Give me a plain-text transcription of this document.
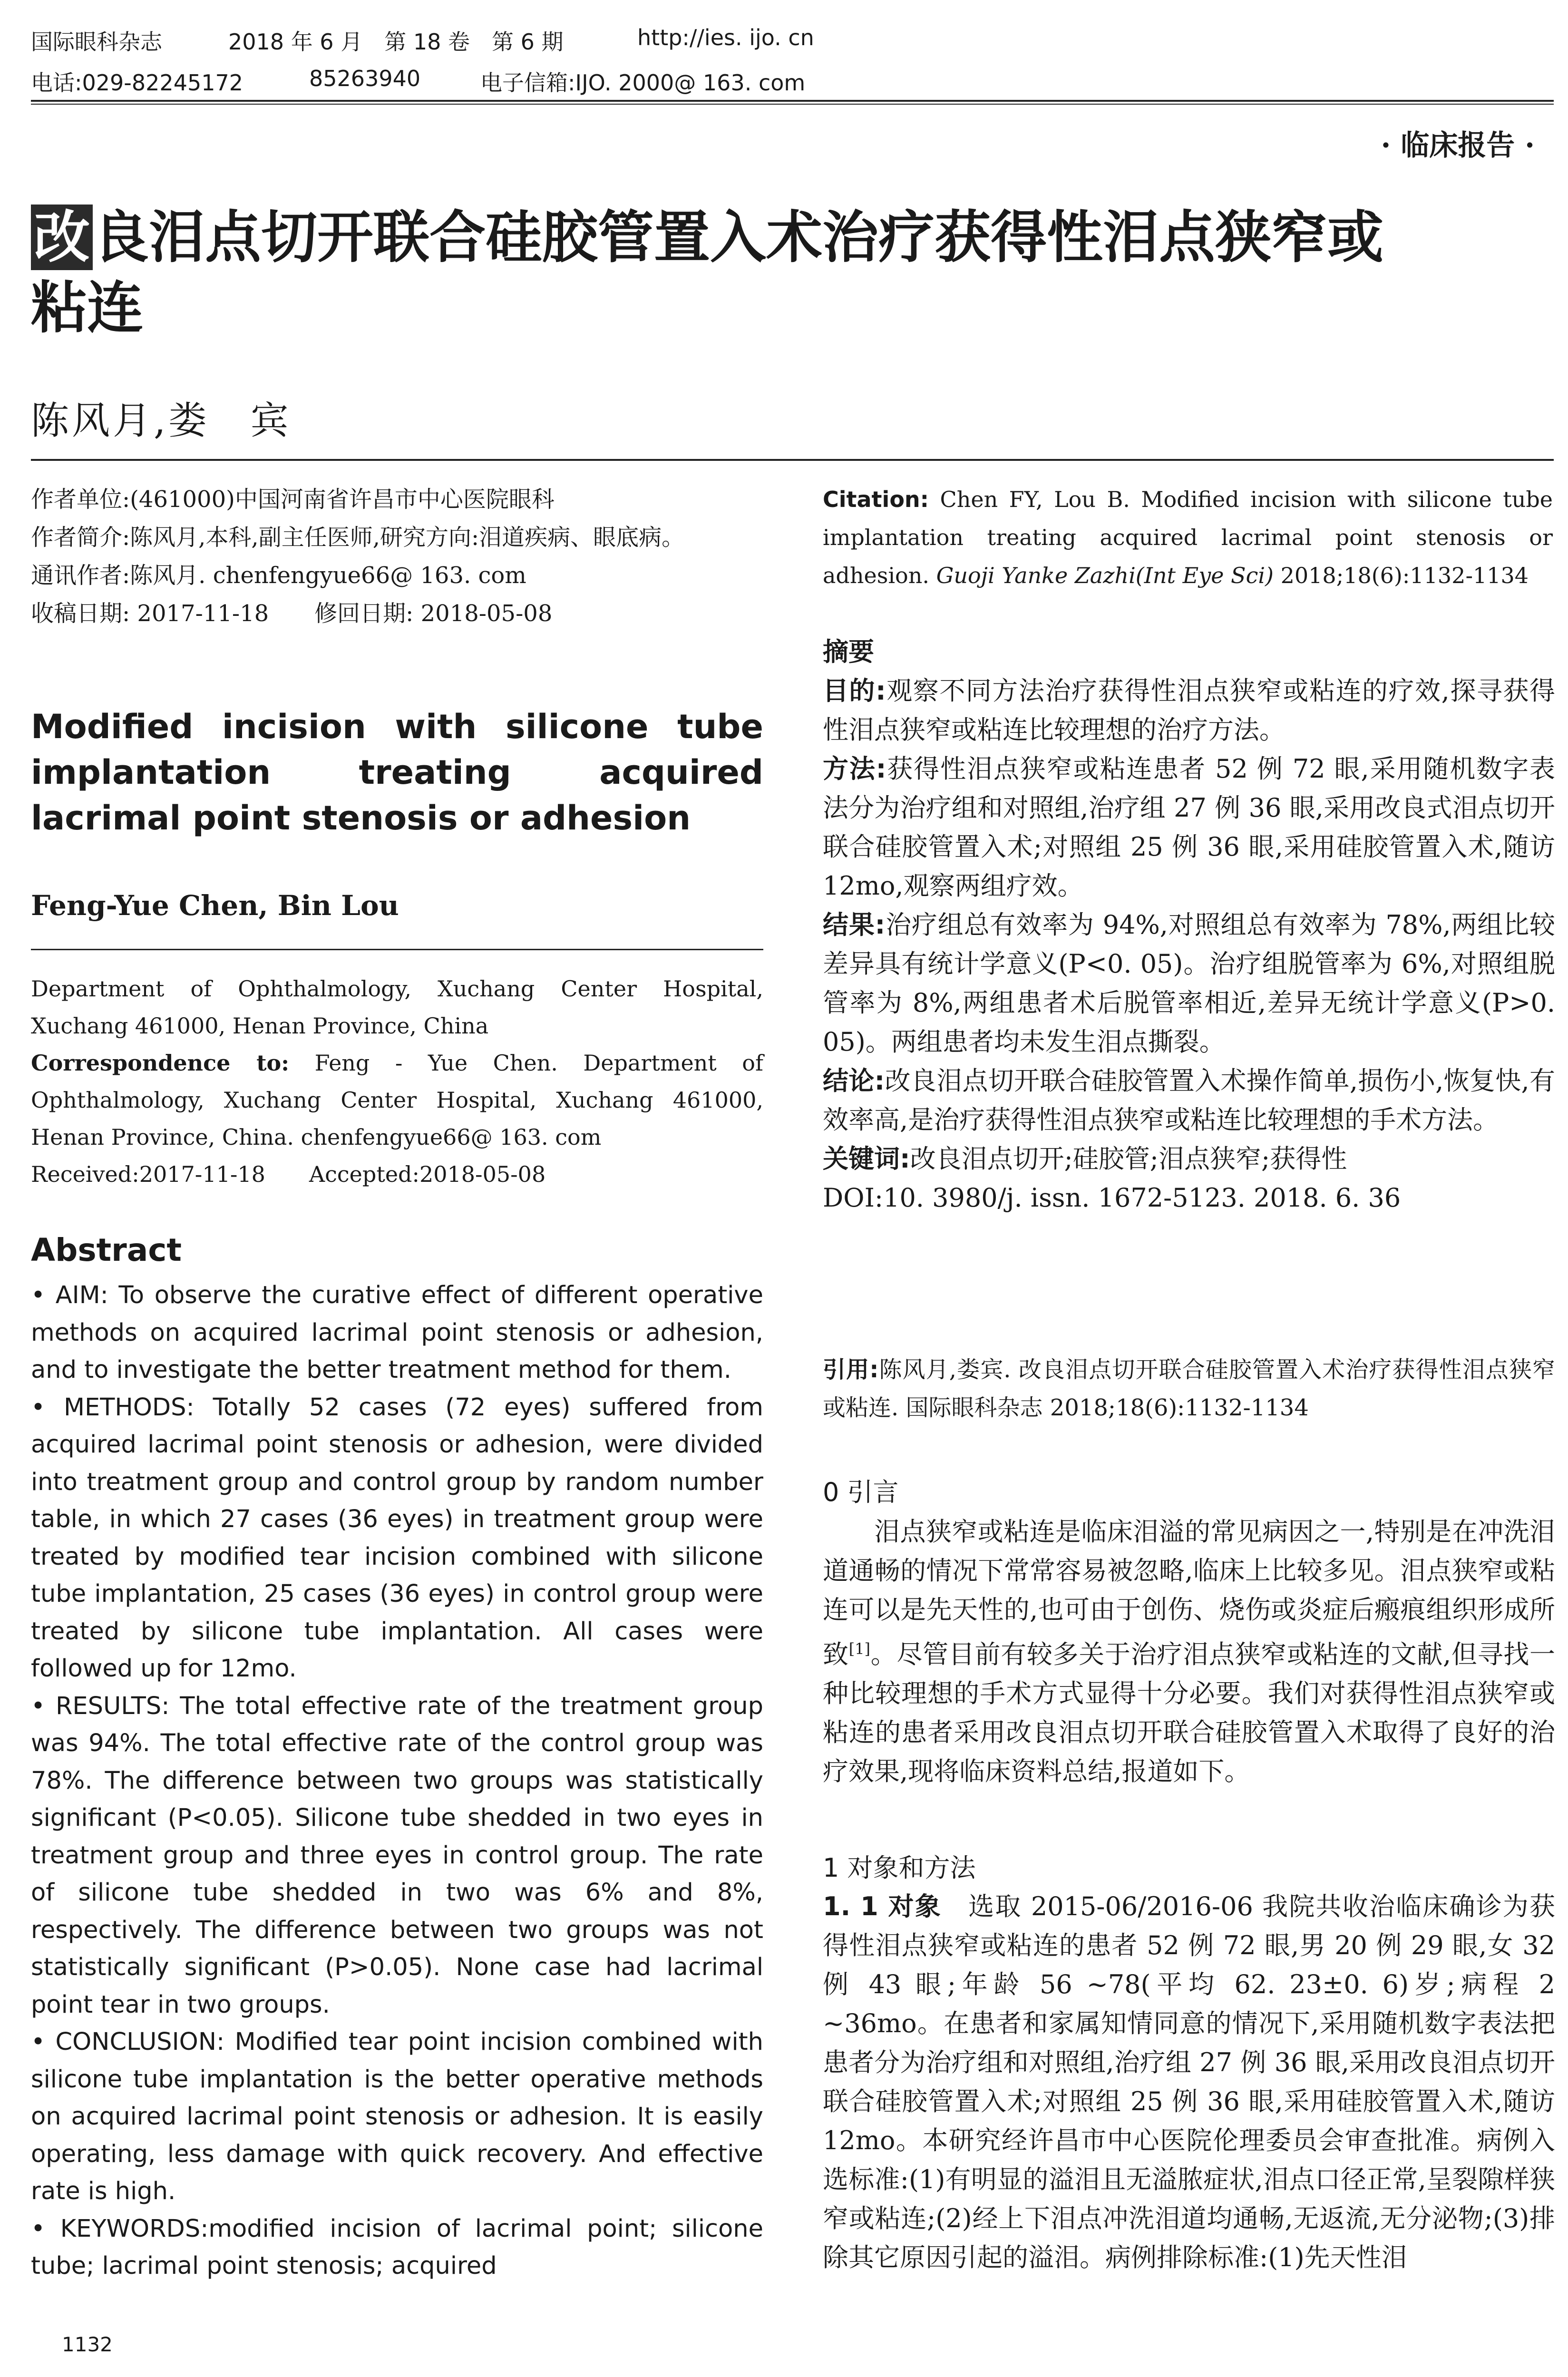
国际眼科杂志	2018 年 6 月　第 18 卷　第 6 期	http://ies. ijo. cn
电话:029-82245172	85263940	电子信箱:IJO. 2000@ 163. com
· 临床报告 ·
改良泪点切开联合硅胶管置入术治疗获得性泪点狭窄或
粘连
陈风月,娄　宾

作者单位:(461000)中国河南省许昌市中心医院眼科

作者简介:陈风月,本科,副主任医师,研究方向:泪道疾病、眼底病。

通讯作者:陈风月. chenfengyue66@ 163. com

收稿日期: 2017-11-18　　修回日期: 2018-05-08

Modified incision with silicone tube implantation treating acquired lacrimal point stenosis or adhesion
Feng-Yue Chen, Bin Lou

Department of Ophthalmology, Xuchang Center Hospital, Xuchang 461000, Henan Province, China

Correspondence to: Feng - Yue Chen. Department of Ophthalmology, Xuchang Center Hospital, Xuchang 461000, Henan Province, China. chenfengyue66@ 163. com

Received:2017-11-18　　Accepted:2018-05-08

Abstract

• AIM: To observe the curative effect of different operative methods on acquired lacrimal point stenosis or adhesion, and to investigate the better treatment method for them.

• METHODS: Totally 52 cases (72 eyes) suffered from acquired lacrimal point stenosis or adhesion, were divided into treatment group and control group by random number table, in which 27 cases (36 eyes) in treatment group were treated by modified tear incision combined with silicone tube implantation, 25 cases (36 eyes) in control group were treated by silicone tube implantation. All cases were followed up for 12mo.

• RESULTS: The total effective rate of the treatment group was 94%. The total effective rate of the control group was 78%. The difference between two groups was statistically significant (P<0.05). Silicone tube shedded in two eyes in treatment group and three eyes in control group. The rate of silicone tube shedded in two was 6% and 8%, respectively. The difference between two groups was not statistically significant (P>0.05). None case had lacrimal point tear in two groups.

• CONCLUSION: Modified tear point incision combined with silicone tube implantation is the better operative methods on acquired lacrimal point stenosis or adhesion. It is easily operating, less damage with quick recovery. And effective rate is high.

• KEYWORDS:modified incision of lacrimal point; silicone tube; lacrimal point stenosis; acquired

1132
Citation: Chen FY, Lou B. Modified incision with silicone tube implantation treating acquired lacrimal point stenosis or adhesion. Guoji Yanke Zazhi(Int Eye Sci) 2018;18(6):1132-1134

摘要

目的:观察不同方法治疗获得性泪点狭窄或粘连的疗效,探寻获得性泪点狭窄或粘连比较理想的治疗方法。

方法:获得性泪点狭窄或粘连患者 52 例 72 眼,采用随机数字表法分为治疗组和对照组,治疗组 27 例 36 眼,采用改良式泪点切开联合硅胶管置入术;对照组 25 例 36 眼,采用硅胶管置入术,随访 12mo,观察两组疗效。

结果:治疗组总有效率为 94%,对照组总有效率为 78%,两组比较差异具有统计学意义(P<0. 05)。治疗组脱管率为 6%,对照组脱管率为 8%,两组患者术后脱管率相近,差异无统计学意义(P>0. 05)。两组患者均未发生泪点撕裂。

结论:改良泪点切开联合硅胶管置入术操作简单,损伤小,恢复快,有效率高,是治疗获得性泪点狭窄或粘连比较理想的手术方法。

关键词:改良泪点切开;硅胶管;泪点狭窄;获得性

DOI:10. 3980/j. issn. 1672-5123. 2018. 6. 36

引用:陈风月,娄宾. 改良泪点切开联合硅胶管置入术治疗获得性泪点狭窄或粘连. 国际眼科杂志 2018;18(6):1132-1134
0 引言

泪点狭窄或粘连是临床泪溢的常见病因之一,特别是在冲洗泪道通畅的情况下常常容易被忽略,临床上比较多见。泪点狭窄或粘连可以是先天性的,也可由于创伤、烧伤或炎症后瘢痕组织形成所致[1]。尽管目前有较多关于治疗泪点狭窄或粘连的文献,但寻找一种比较理想的手术方式显得十分必要。我们对获得性泪点狭窄或粘连的患者采用改良泪点切开联合硅胶管置入术取得了良好的治疗效果,现将临床资料总结,报道如下。

1 对象和方法

1. 1 对象　选取 2015-06/2016-06 我院共收治临床确诊为获得性泪点狭窄或粘连的患者 52 例 72 眼,男 20 例 29 眼,女 32 例 43 眼;年龄 56 ~78(平均 62. 23±0. 6)岁;病程 2 ~36mo。在患者和家属知情同意的情况下,采用随机数字表法把患者分为治疗组和对照组,治疗组 27 例 36 眼,采用改良泪点切开联合硅胶管置入术;对照组 25 例 36 眼,采用硅胶管置入术,随访 12mo。本研究经许昌市中心医院伦理委员会审查批准。病例入选标准:(1)有明显的溢泪且无溢脓症状,泪点口径正常,呈裂隙样狭窄或粘连;(2)经上下泪点冲洗泪道均通畅,无返流,无分泌物;(3)排除其它原因引起的溢泪。病例排除标准:(1)先天性泪
